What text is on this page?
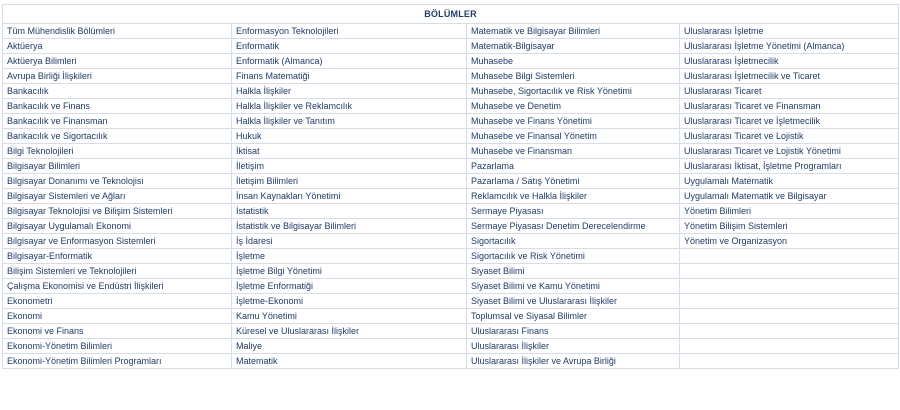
BÖLÜMLER			
Tüm Mühendislik Bölümleri	Enformasyon Teknolojileri	Matematik ve Bilgisayar Bilimleri	Uluslararası İşletme
Aktüerya	Enformatik	Matematik-Bilgisayar	Uluslararası İşletme Yönetimi (Almanca)
Aktüerya Bilimleri	Enformatik (Almanca)	Muhasebe	Uluslararası İşletmecilik
Avrupa Birliği İlişkileri	Finans Matematiği	Muhasebe Bilgi Sistemleri	Uluslararası İşletmecilik ve Ticaret
Bankacılık	Halkla İlişkiler	Muhasebe, Sigortacılık ve Risk Yönetimi	Uluslararası Ticaret
Bankacılık ve Finans	Halkla İlişkiler ve Reklamcılık	Muhasebe ve Denetim	Uluslararası Ticaret ve Finansman
Bankacılık ve Finansman	Halkla İlişkiler ve Tanıtım	Muhasebe ve Finans Yönetimi	Uluslararası Ticaret ve İşletmecilik
Bankacılık ve Sigortacılık	Hukuk	Muhasebe ve Finansal Yönetim	Uluslararası Ticaret ve Lojistik
Bilgi Teknolojileri	İktisat	Muhasebe ve Finansman	Uluslararası Ticaret ve Lojistik Yönetimi
Bilgisayar Bilimleri	İletişim	Pazarlama	Uluslararası İktisat, İşletme Programları
Bilgisayar Donanımı ve Teknolojisi	İletişim Bilimleri	Pazarlama / Satış Yönetimi	Uygulamalı Matematik
Bilgisayar Sistemleri ve Ağları	İnsan Kaynakları Yönetimi	Reklamcılık ve Halkla İlişkiler	Uygulamalı Matematik ve Bilgisayar
Bilgisayar Teknolojisi ve Bilişim Sistemleri	İstatistik	Sermaye Piyasası	Yönetim Bilimleri
Bilgisayar Uygulamalı Ekonomi	İstatistik ve Bilgisayar Bilimleri	Sermaye Piyasası Denetim Derecelendirme	Yönetim Bilişim Sistemleri
Bilgisayar ve Enformasyon Sistemleri	İş İdaresi	Sigortacılık	Yönetim ve Organizasyon
Bilgisayar-Enformatik	İşletme	Sigortacılık ve Risk Yönetimi	
Bilişim Sistemleri ve Teknolojileri	İşletme Bilgi Yönetimi	Siyaset Bilimi	
Çalışma Ekonomisi ve Endüstri İlişkileri	İşletme Enformatiği	Siyaset Bilimi ve Kamu Yönetimi	
Ekonometri	İşletme-Ekonomi	Siyaset Bilimi ve Uluslararası İlişkiler	
Ekonomi	Kamu Yönetimi	Toplumsal ve Siyasal Bilimler	
Ekonomi ve Finans	Küresel ve Uluslararası İlişkiler	Uluslararası Finans	
Ekonomi-Yönetim Bilimleri	Maliye	Uluslararası İlişkiler	
Ekonomi-Yönetim Bilimleri Programları	Matematik	Uluslararası İlişkiler ve Avrupa Birliği	
